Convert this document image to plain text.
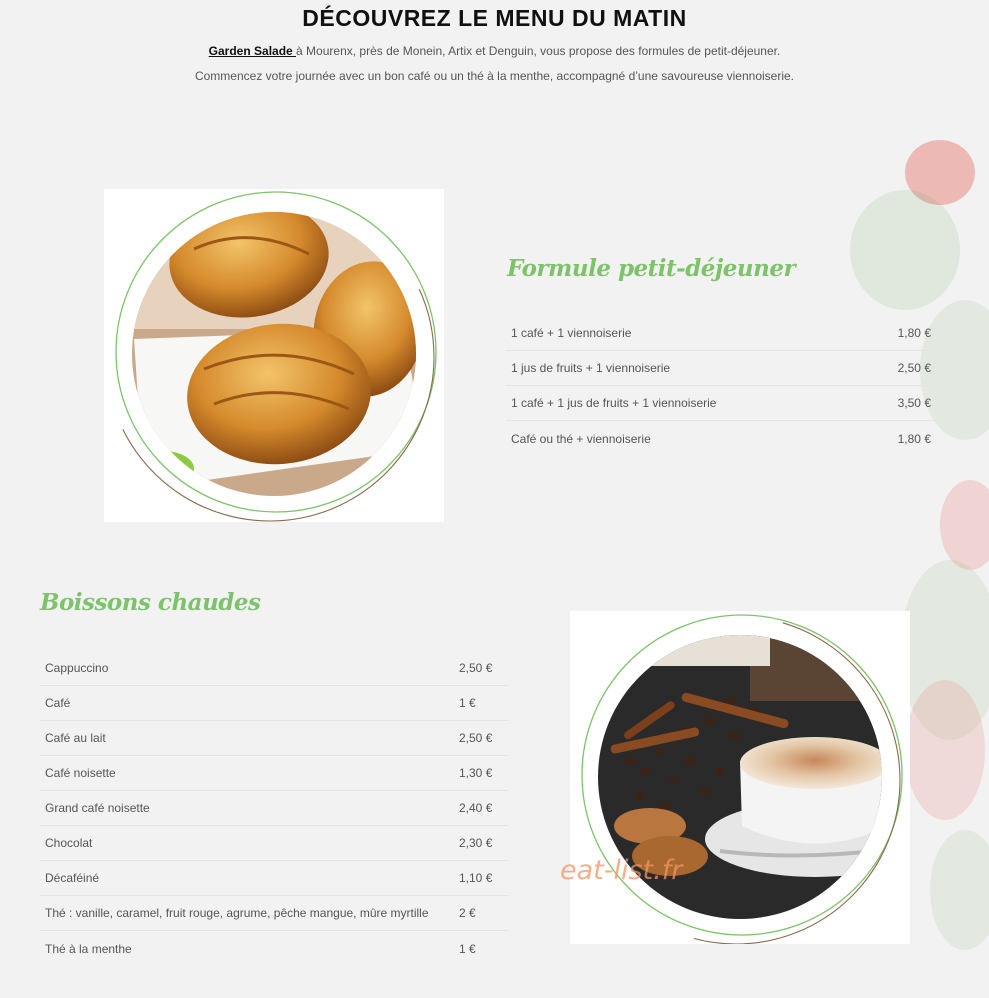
DÉCOUVREZ LE MENU DU MATIN

Garden Salade à Mourenx, près de Monein, Artix et Denguin, vous propose des formules de petit-déjeuner.

Commencez votre journée avec un bon café ou un thé à la menthe, accompagné d’une savoureuse viennoiserie.

Formule petit-déjeuner
1 café + 1 viennoiserie	1,80 €
1 jus de fruits + 1 viennoiserie	2,50 €
1 café + 1 jus de fruits + 1 viennoiserie	3,50 €
Café ou thé + viennoiserie	1,80 €
Boissons chaudes
Cappuccino	2,50 €
Café	1 €
Café au lait	2,50 €
Café noisette	1,30 €
Grand café noisette	2,40 €
Chocolat	2,30 €
Décaféiné	1,10 €
Thé : vanille, caramel, fruit rouge, agrume, pêche mangue, mûre myrtille	2 €
Thé à la menthe	1 €
eat-list.fr
